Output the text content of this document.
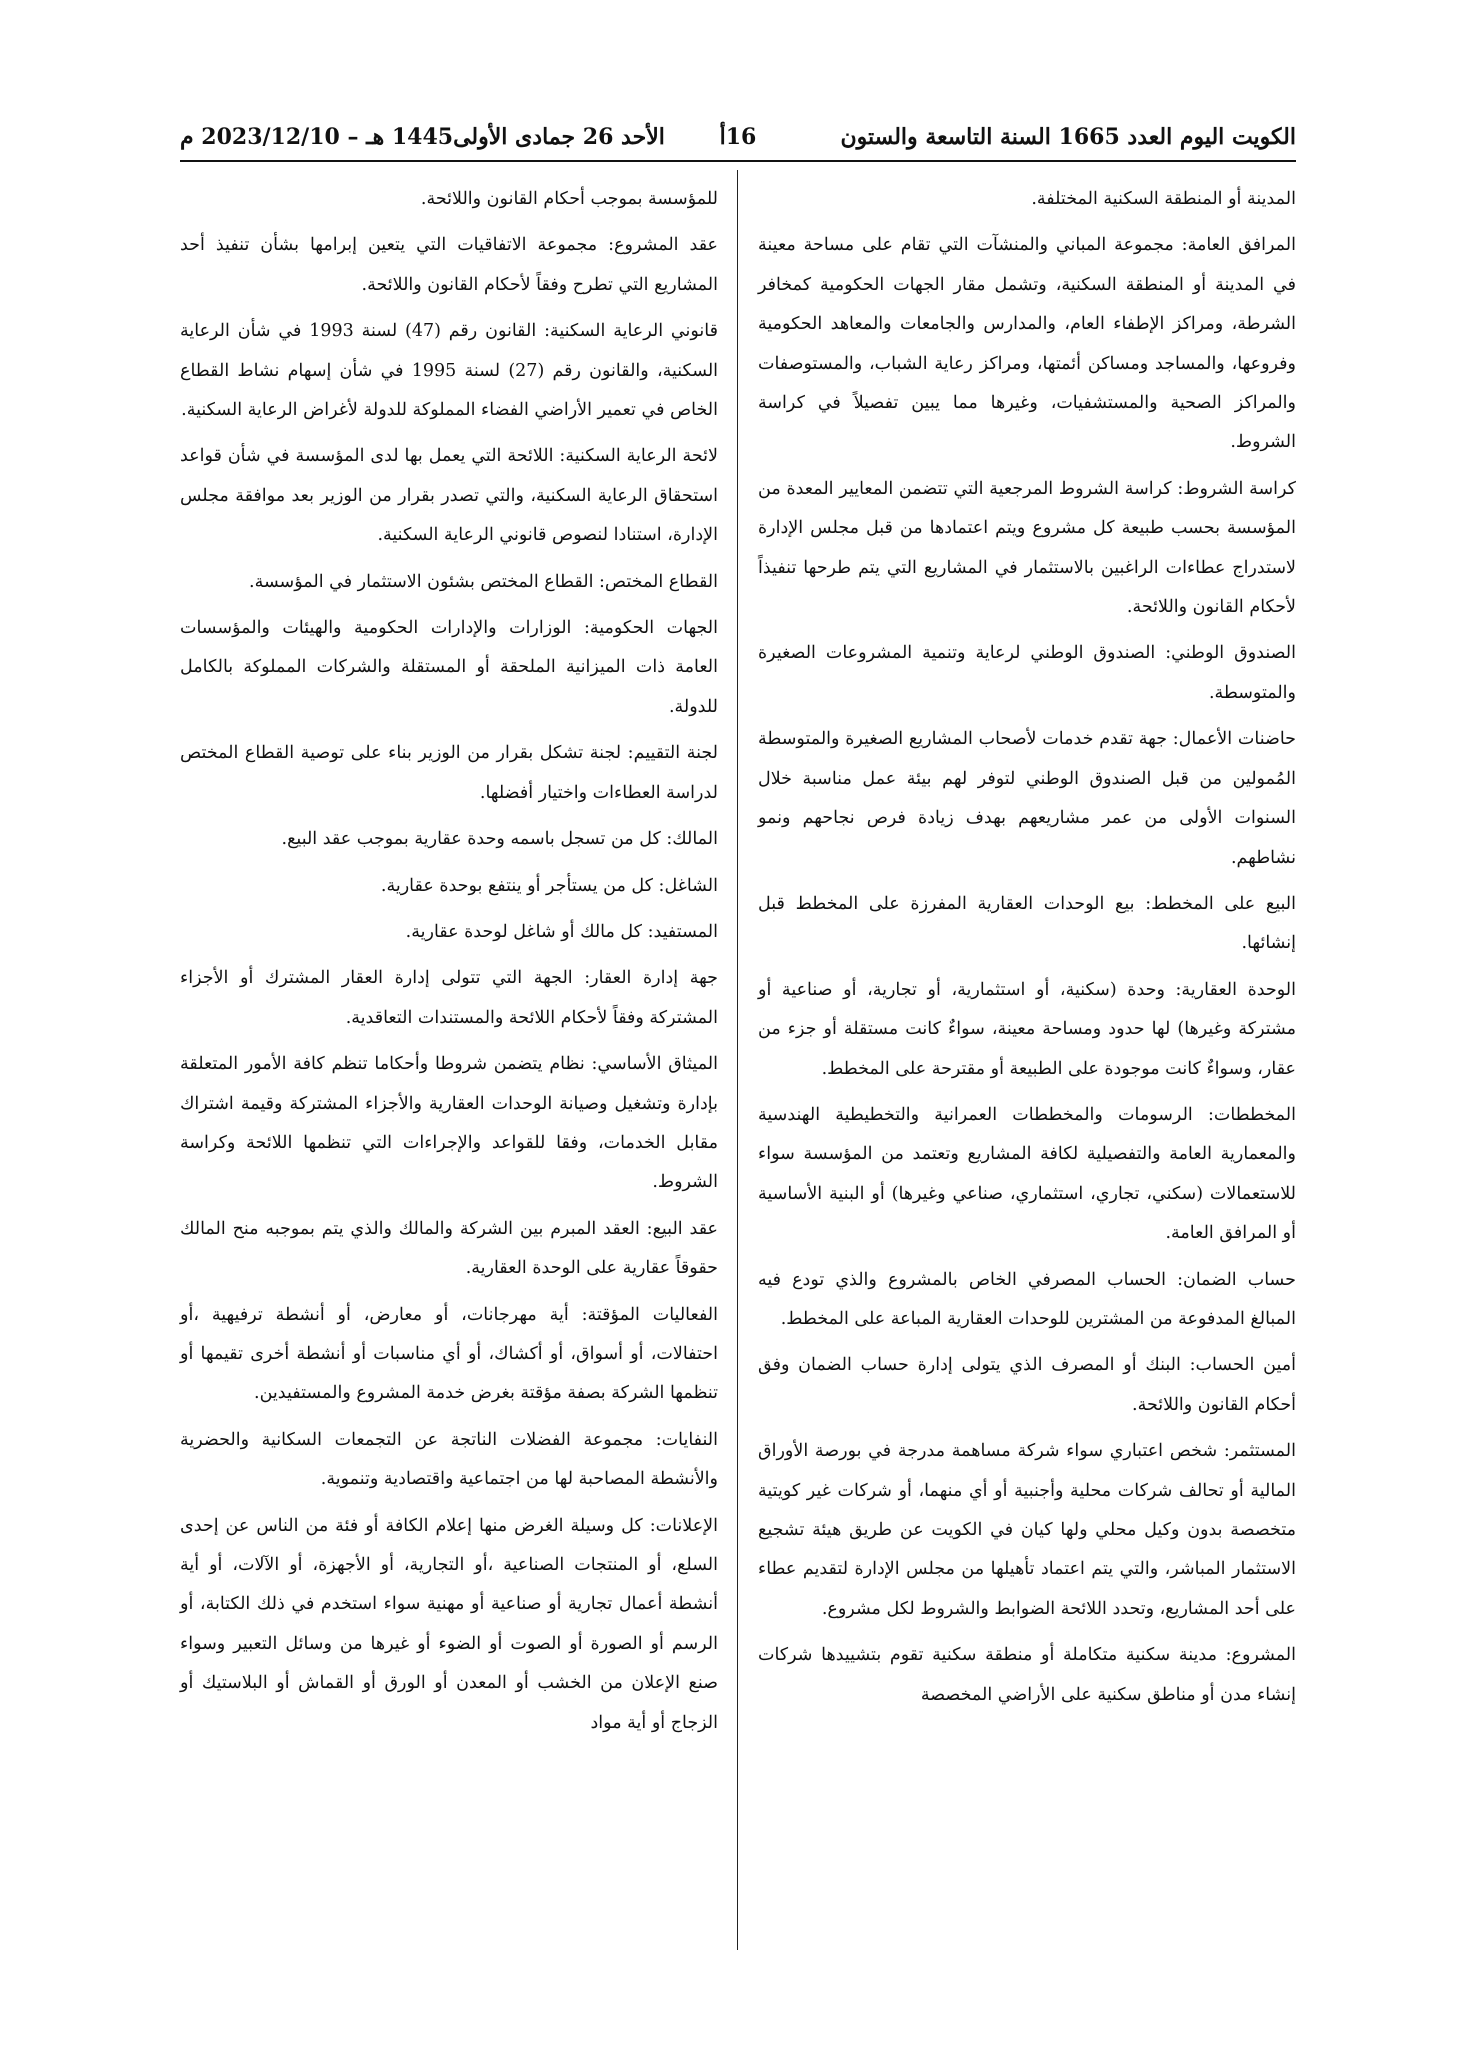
الكويت اليوم العدد 1665 السنة التاسعة والستون
16أ
الأحد 26 جمادى الأولى1445 هـ – 2023/12/10 م

المدينة أو المنطقة السكنية المختلفة.

المرافق العامة: مجموعة المباني والمنشآت التي تقام على مساحة معينة في المدينة أو المنطقة السكنية، وتشمل مقار الجهات الحكومية كمخافر الشرطة، ومراكز الإطفاء العام، والمدارس والجامعات والمعاهد الحكومية وفروعها، والمساجد ومساكن أئمتها، ومراكز رعاية الشباب، والمستوصفات والمراكز الصحية والمستشفيات، وغيرها مما يبين تفصيلاً في كراسة الشروط.

كراسة الشروط: كراسة الشروط المرجعية التي تتضمن المعايير المعدة من المؤسسة بحسب طبيعة كل مشروع ويتم اعتمادها من قبل مجلس الإدارة لاستدراج عطاءات الراغبين بالاستثمار في المشاريع التي يتم طرحها تنفيذاً لأحكام القانون واللائحة.

الصندوق الوطني: الصندوق الوطني لرعاية وتنمية المشروعات الصغيرة والمتوسطة.

حاضنات الأعمال: جهة تقدم خدمات لأصحاب المشاريع الصغيرة والمتوسطة المُمولين من قبل الصندوق الوطني لتوفر لهم بيئة عمل مناسبة خلال السنوات الأولى من عمر مشاريعهم بهدف زيادة فرص نجاحهم ونمو نشاطهم.

البيع على المخطط: بيع الوحدات العقارية المفرزة على المخطط قبل إنشائها.

الوحدة العقارية: وحدة (سكنية، أو استثمارية، أو تجارية، أو صناعية أو مشتركة وغيرها) لها حدود ومساحة معينة، سواءٌ كانت مستقلة أو جزء من عقار، وسواءٌ كانت موجودة على الطبيعة أو مقترحة على المخطط.

المخططات: الرسومات والمخططات العمرانية والتخطيطية الهندسية والمعمارية العامة والتفصيلية لكافة المشاريع وتعتمد من المؤسسة سواء للاستعمالات (سكني، تجاري، استثماري، صناعي وغيرها) أو البنية الأساسية أو المرافق العامة.

حساب الضمان: الحساب المصرفي الخاص بالمشروع والذي تودع فيه المبالغ المدفوعة من المشترين للوحدات العقارية المباعة على المخطط.

أمين الحساب: البنك أو المصرف الذي يتولى إدارة حساب الضمان وفق أحكام القانون واللائحة.

المستثمر: شخص اعتباري سواء شركة مساهمة مدرجة في بورصة الأوراق المالية أو تحالف شركات محلية وأجنبية أو أي منهما، أو شركات غير كويتية متخصصة بدون وكيل محلي ولها كيان في الكويت عن طريق هيئة تشجيع الاستثمار المباشر، والتي يتم اعتماد تأهيلها من مجلس الإدارة لتقديم عطاء على أحد المشاريع، وتحدد اللائحة الضوابط والشروط لكل مشروع.

المشروع: مدينة سكنية متكاملة أو منطقة سكنية تقوم بتشييدها شركات إنشاء مدن أو مناطق سكنية على الأراضي المخصصة

للمؤسسة بموجب أحكام القانون واللائحة.

عقد المشروع: مجموعة الاتفاقيات التي يتعين إبرامها بشأن تنفيذ أحد المشاريع التي تطرح وفقاً لأحكام القانون واللائحة.

قانوني الرعاية السكنية: القانون رقم (47) لسنة 1993 في شأن الرعاية السكنية، والقانون رقم (27) لسنة 1995 في شأن إسهام نشاط القطاع الخاص في تعمير الأراضي الفضاء المملوكة للدولة لأغراض الرعاية السكنية.

لائحة الرعاية السكنية: اللائحة التي يعمل بها لدى المؤسسة في شأن قواعد استحقاق الرعاية السكنية، والتي تصدر بقرار من الوزير بعد موافقة مجلس الإدارة، استنادا لنصوص قانوني الرعاية السكنية.

القطاع المختص: القطاع المختص بشئون الاستثمار في المؤسسة.

الجهات الحكومية: الوزارات والإدارات الحكومية والهيئات والمؤسسات العامة ذات الميزانية الملحقة أو المستقلة والشركات المملوكة بالكامل للدولة.

لجنة التقييم: لجنة تشكل بقرار من الوزير بناء على توصية القطاع المختص لدراسة العطاءات واختيار أفضلها.

المالك: كل من تسجل باسمه وحدة عقارية بموجب عقد البيع.

الشاغل: كل من يستأجر أو ينتفع بوحدة عقارية.

المستفيد: كل مالك أو شاغل لوحدة عقارية.

جهة إدارة العقار: الجهة التي تتولى إدارة العقار المشترك أو الأجزاء المشتركة وفقاً لأحكام اللائحة والمستندات التعاقدية.

الميثاق الأساسي: نظام يتضمن شروطا وأحكاما تنظم كافة الأمور المتعلقة بإدارة وتشغيل وصيانة الوحدات العقارية والأجزاء المشتركة وقيمة اشتراك مقابل الخدمات، وفقا للقواعد والإجراءات التي تنظمها اللائحة وكراسة الشروط.

عقد البيع: العقد المبرم بين الشركة والمالك والذي يتم بموجبه منح المالك حقوقاً عقارية على الوحدة العقارية.

الفعاليات المؤقتة: أية مهرجانات، أو معارض، أو أنشطة ترفيهية ،أو احتفالات، أو أسواق، أو أكشاك، أو أي مناسبات أو أنشطة أخرى تقيمها أو تنظمها الشركة بصفة مؤقتة بغرض خدمة المشروع والمستفيدين.

النفايات: مجموعة الفضلات الناتجة عن التجمعات السكانية والحضرية والأنشطة المصاحبة لها من اجتماعية واقتصادية وتنموية.

الإعلانات: كل وسيلة الغرض منها إعلام الكافة أو فئة من الناس عن إحدى السلع، أو المنتجات الصناعية ،أو التجارية، أو الأجهزة، أو الآلات، أو أية أنشطة أعمال تجارية أو صناعية أو مهنية سواء استخدم في ذلك الكتابة، أو الرسم أو الصورة أو الصوت أو الضوء أو غيرها من وسائل التعبير وسواء صنع الإعلان من الخشب أو المعدن أو الورق أو القماش أو البلاستيك أو الزجاج أو أية مواد
